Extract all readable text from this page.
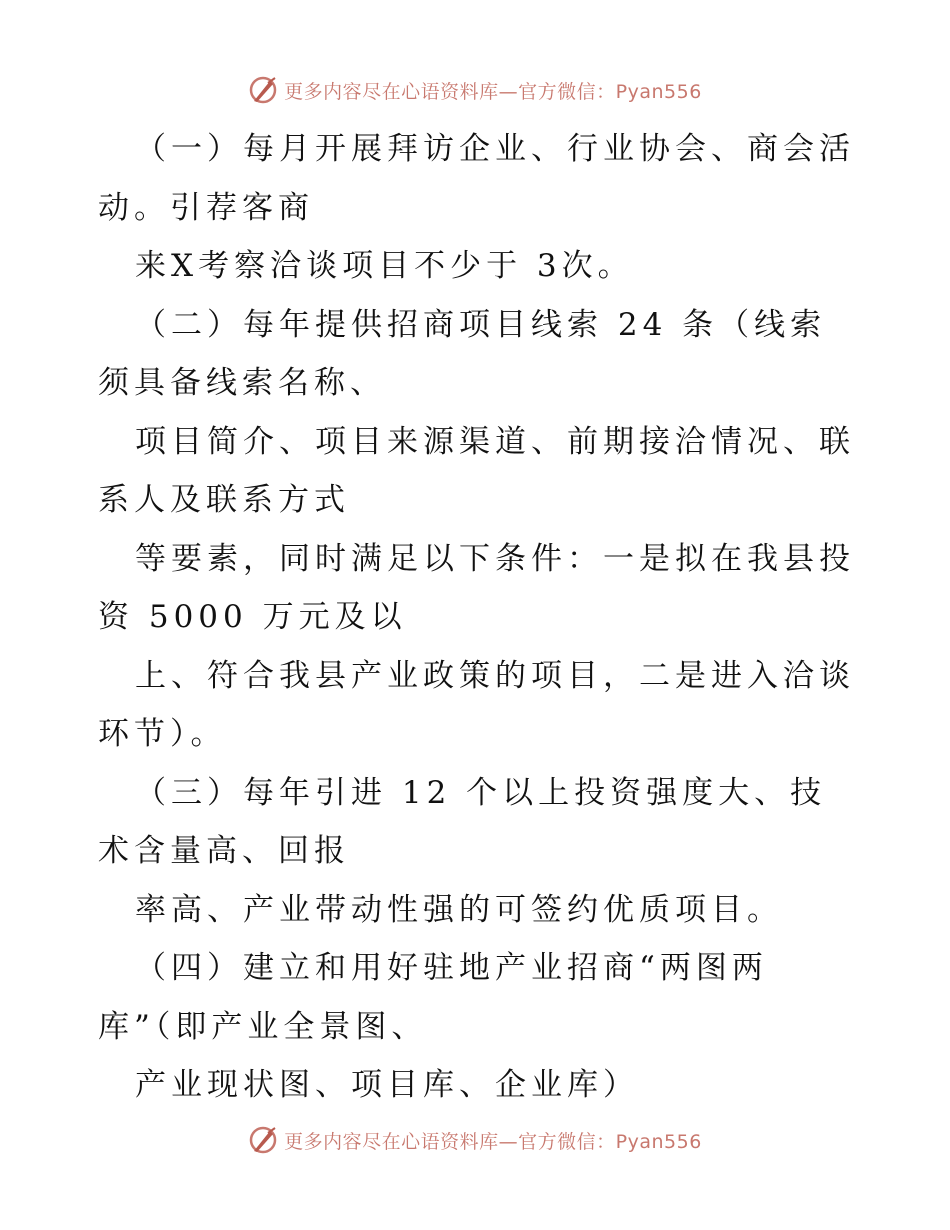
更多内容尽在心语资料库—官方微信：Pyan556

（一）每月开展拜访企业、行业协会、商会活动。引荐客商

来X考察洽谈项目不少于 3次。

（二）每年提供招商项目线索 24 条（线索须具备线索名称、

项目简介、项目来源渠道、前期接洽情况、联系人及联系方式

等要素，同时满足以下条件：一是拟在我县投资 5000 万元及以

上、符合我县产业政策的项目，二是进入洽谈环节）。

（三）每年引进 12 个以上投资强度大、技术含量高、回报

率高、产业带动性强的可签约优质项目。

（四）建立和用好驻地产业招商“两图两库”（即产业全景图、

产业现状图、项目库、企业库）

更多内容尽在心语资料库—官方微信：Pyan556
